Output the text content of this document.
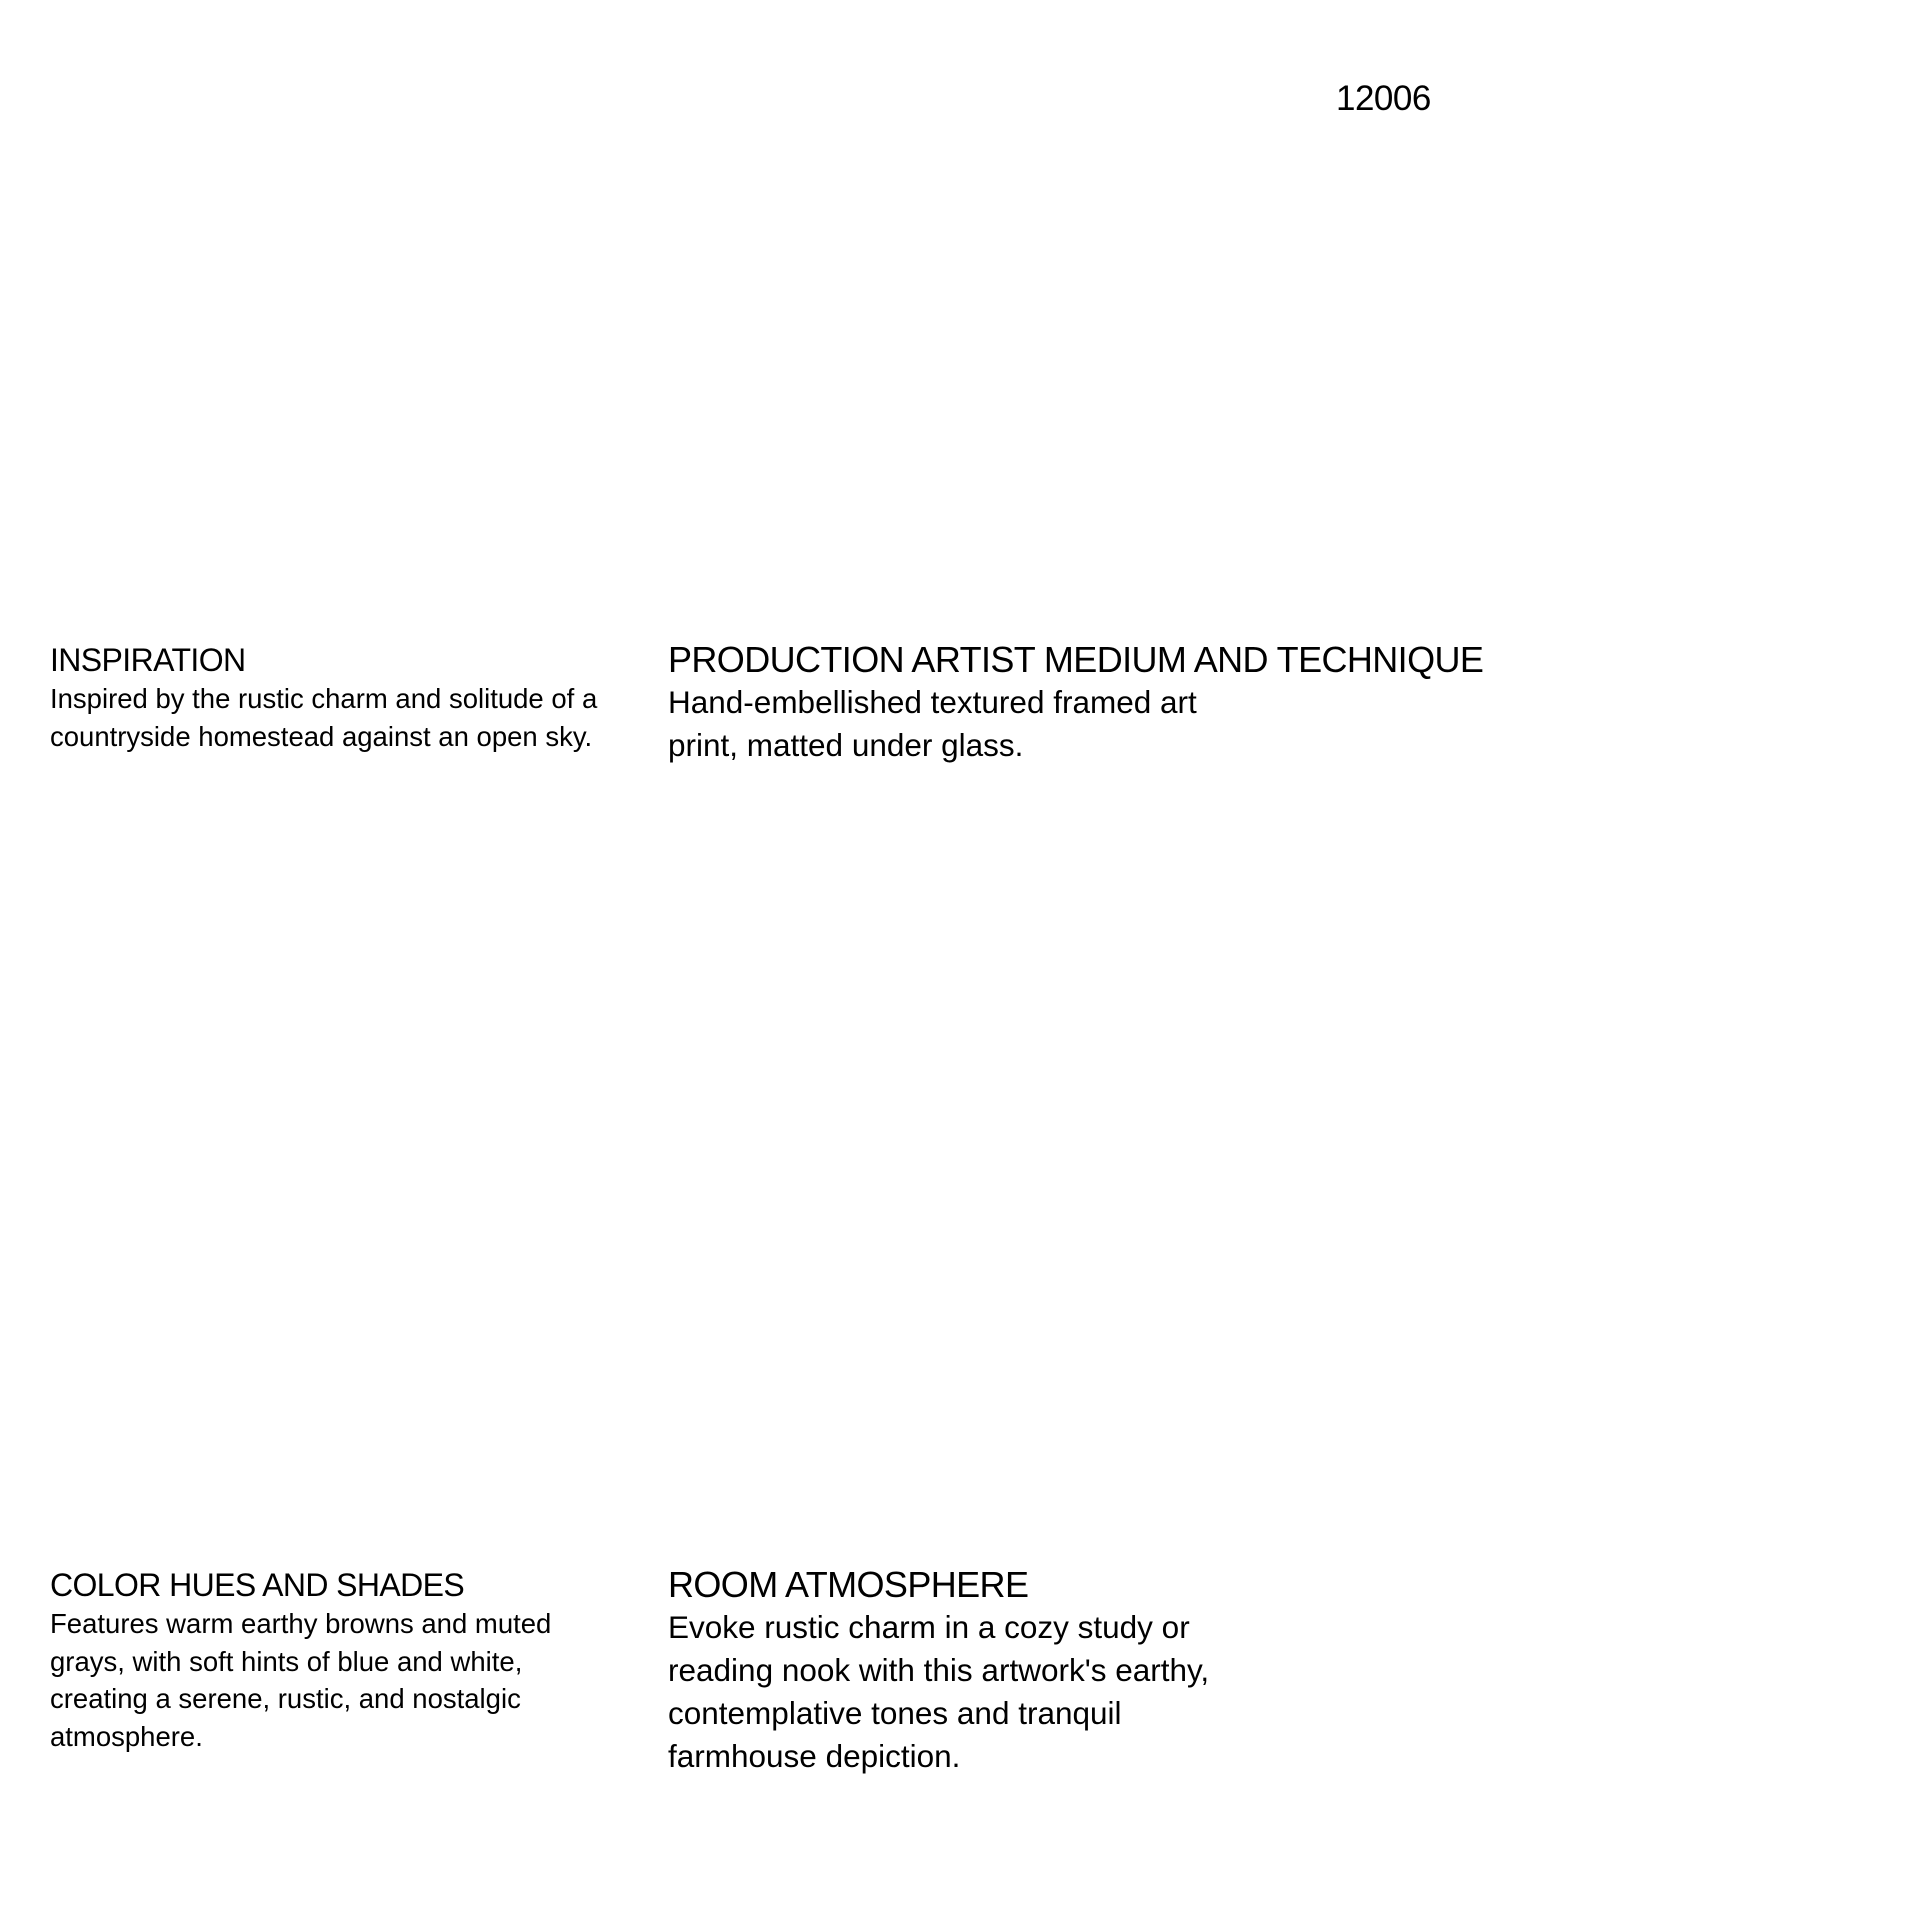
12006
INSPIRATION

Inspired by the rustic charm and solitude of a
countryside homestead against an open sky.

PRODUCTION ARTIST MEDIUM AND TECHNIQUE

Hand-embellished textured framed art
print, matted under glass.

COLOR HUES AND SHADES

Features warm earthy browns and muted
grays, with soft hints of blue and white,
creating a serene, rustic, and nostalgic
atmosphere.

ROOM ATMOSPHERE

Evoke rustic charm in a cozy study or
reading nook with this artwork's earthy,
contemplative tones and tranquil
farmhouse depiction.
